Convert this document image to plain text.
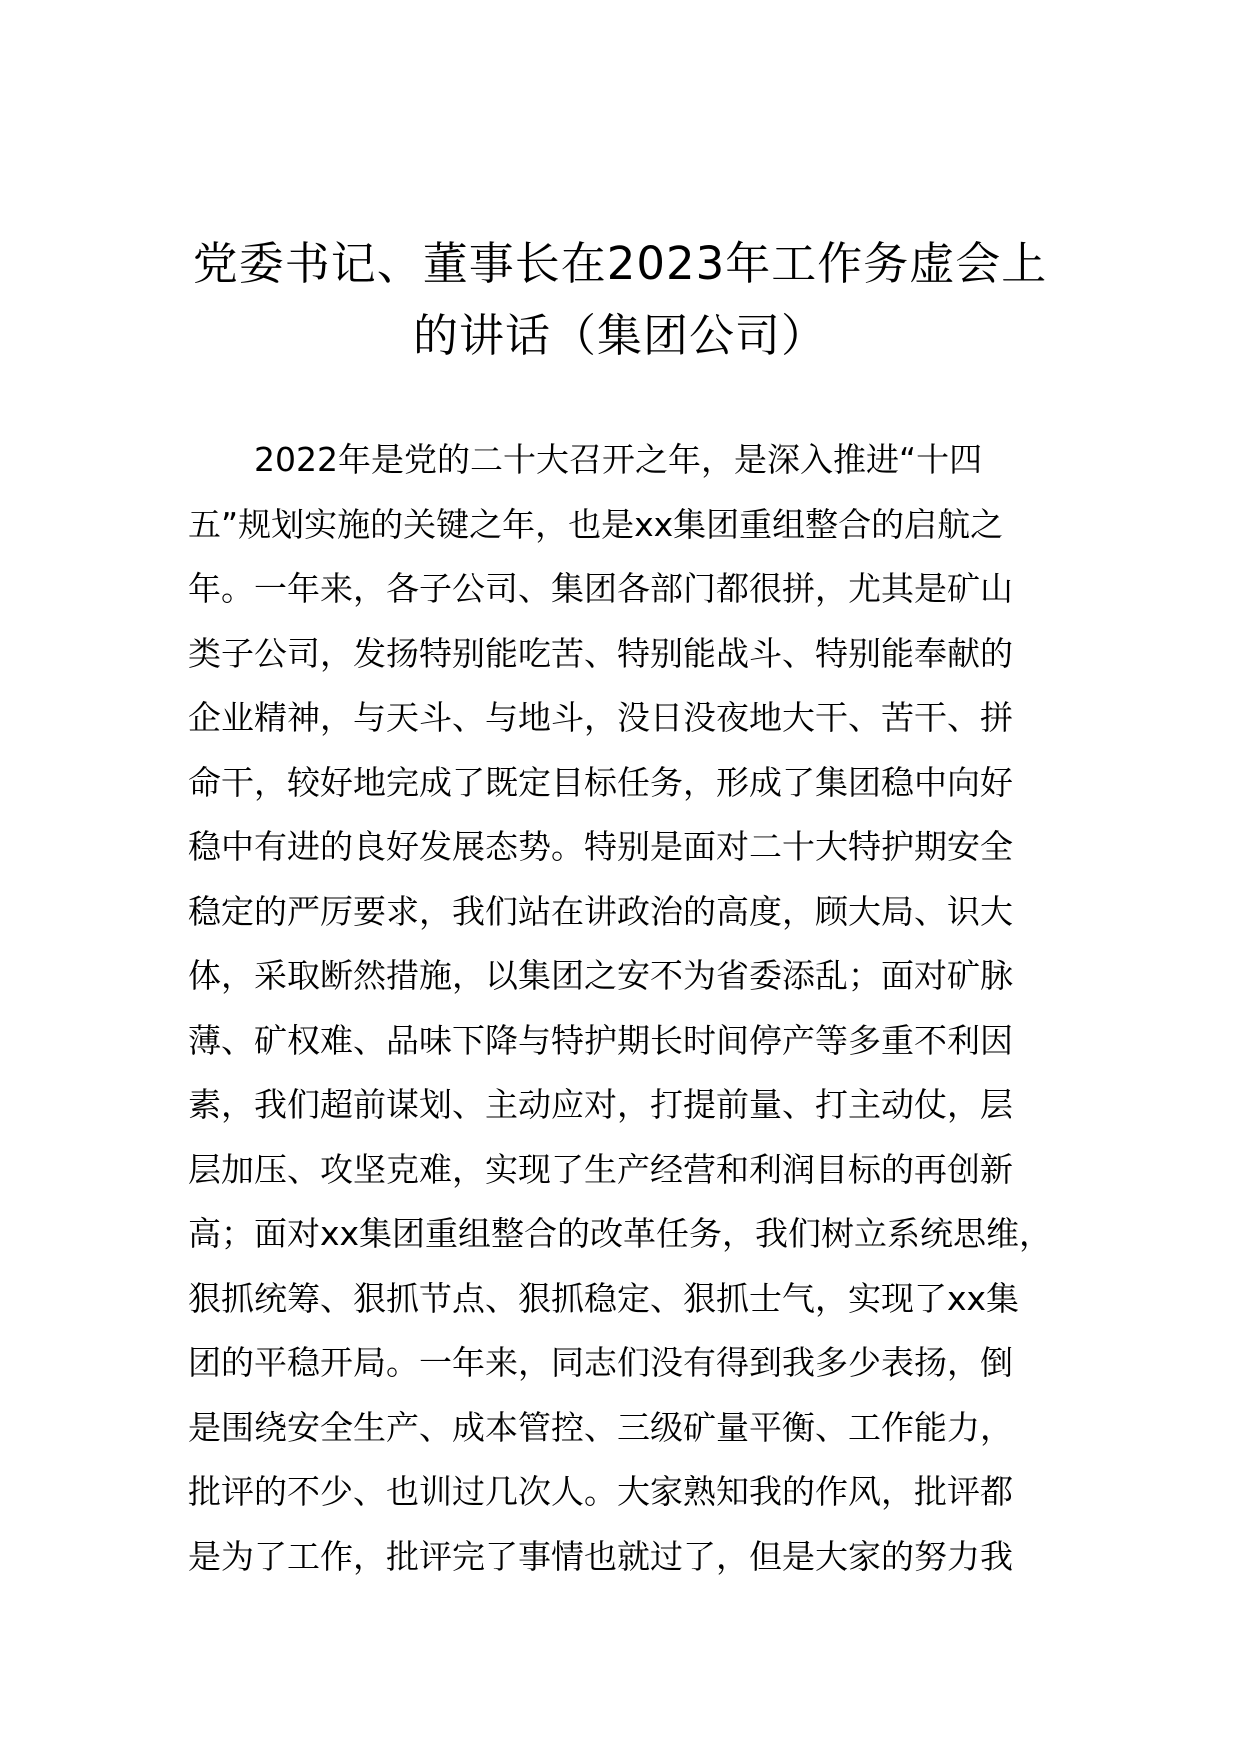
党委书记、董事长在2023年工作务虚会上
的讲话（集团公司）
2022年是党的二十大召开之年，是深入推进“十四
五”规划实施的关键之年，也是xx集团重组整合的启航之
年。一年来，各子公司、集团各部门都很拼，尤其是矿山
类子公司，发扬特别能吃苦、特别能战斗、特别能奉献的
企业精神，与天斗、与地斗，没日没夜地大干、苦干、拼
命干，较好地完成了既定目标任务，形成了集团稳中向好
稳中有进的良好发展态势。特别是面对二十大特护期安全
稳定的严厉要求，我们站在讲政治的高度，顾大局、识大
体，采取断然措施，以集团之安不为省委添乱；面对矿脉
薄、矿权难、品味下降与特护期长时间停产等多重不利因
素，我们超前谋划、主动应对，打提前量、打主动仗，层
层加压、攻坚克难，实现了生产经营和利润目标的再创新
高；面对xx集团重组整合的改革任务，我们树立系统思维，
狠抓统筹、狠抓节点、狠抓稳定、狠抓士气，实现了xx集
团的平稳开局。一年来，同志们没有得到我多少表扬，倒
是围绕安全生产、成本管控、三级矿量平衡、工作能力，
批评的不少、也训过几次人。大家熟知我的作风，批评都
是为了工作，批评完了事情也就过了，但是大家的努力我
